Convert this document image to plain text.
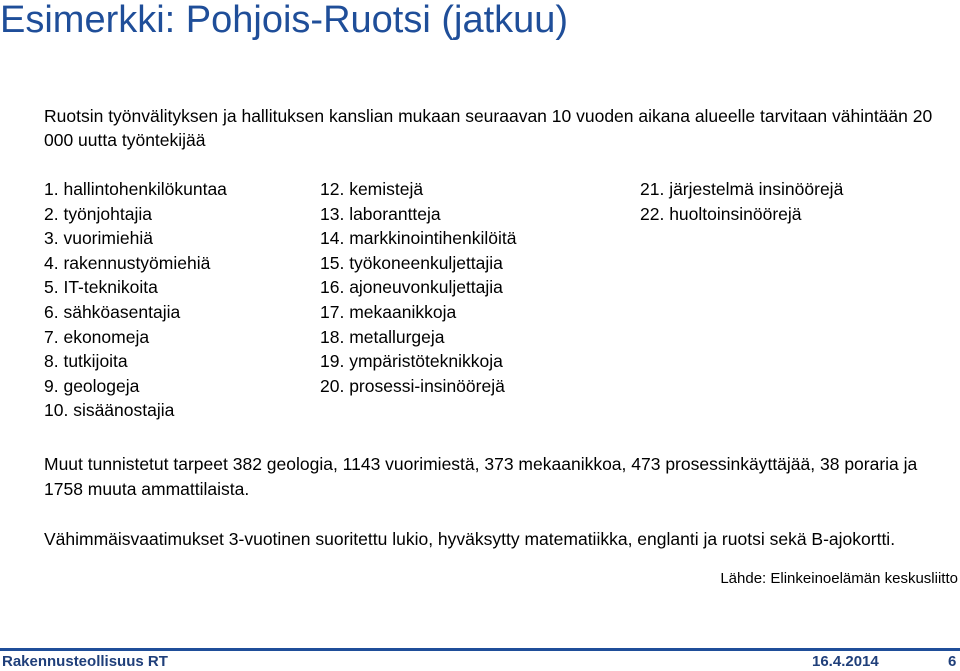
Esimerkki: Pohjois-Ruotsi (jatkuu)
Ruotsin työnvälityksen ja hallituksen kanslian mukaan seuraavan 10 vuoden aikana alueelle tarvitaan vähintään 20 000 uutta työntekijää
1. hallintohenkilökuntaa
2. työnjohtajia
3. vuorimiehiä
4. rakennustyömiehiä
5. IT-teknikoita
6. sähköasentajia
7. ekonomeja
8. tutkijoita
9. geologeja
10. sisäänostajia
12. kemistejä
13. laborantteja
14. markkinointihenkilöitä
15. työkoneenkuljettajia
16. ajoneuvonkuljettajia
17. mekaanikkoja
18. metallurgeja
19. ympäristöteknikkoja
20. prosessi-insinöörejä
21. järjestelmä insinöörejä
22. huoltoinsinöörejä
Muut tunnistetut tarpeet 382 geologia, 1143 vuorimiestä, 373 mekaanikkoa, 473 prosessinkäyttäjää, 38 poraria ja 1758 muuta ammattilaista.
Vähimmäisvaatimukset 3-vuotinen suoritettu lukio, hyväksytty matematiikka, englanti ja ruotsi sekä B-ajokortti.
Lähde: Elinkeinoelämän keskusliitto
Rakennusteollisuus RT	16.4.2014	6
